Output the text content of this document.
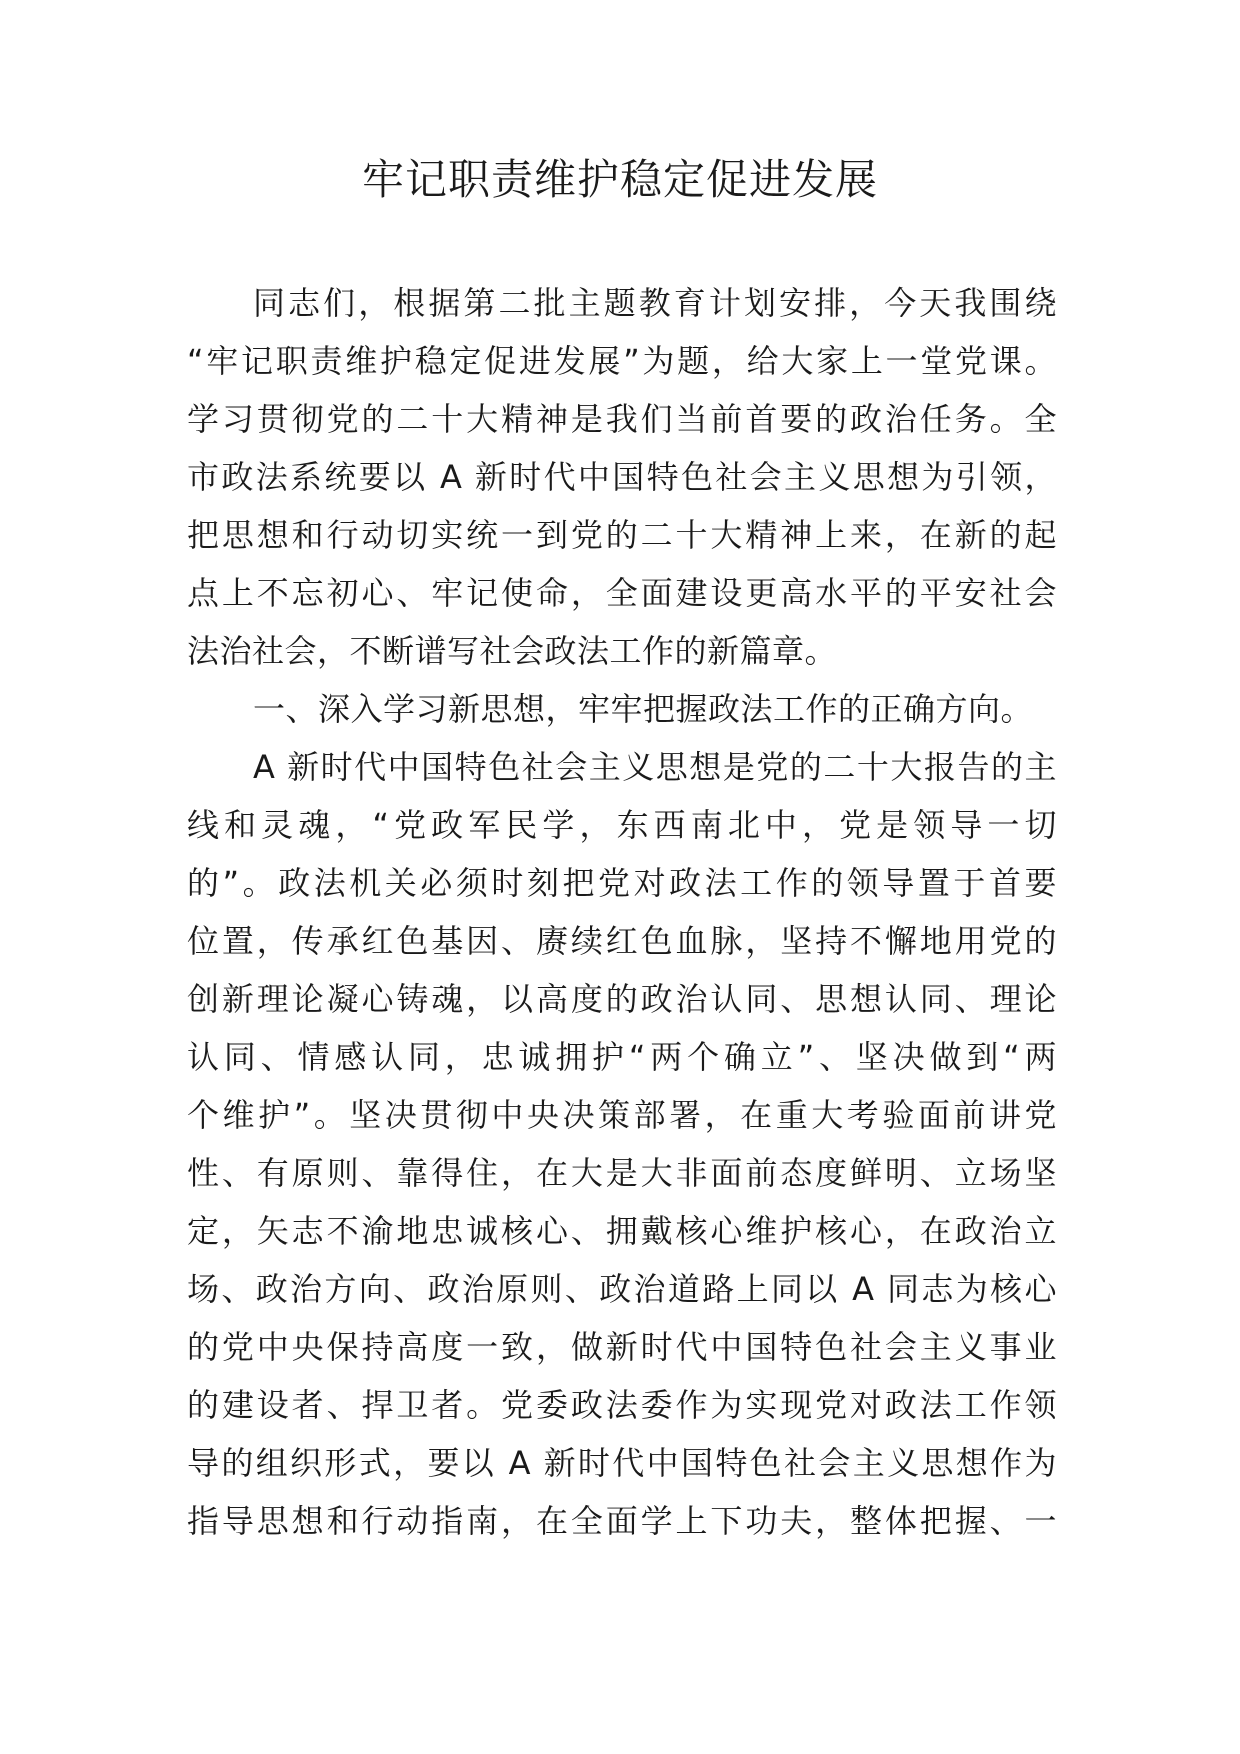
牢记职责维护稳定促进发展
同志们，根据第二批主题教育计划安排，今天我围绕
“牢记职责维护稳定促进发展”为题，给大家上一堂党课。
学习贯彻党的二十大精神是我们当前首要的政治任务。全
市政法系统要以 A 新时代中国特色社会主义思想为引领，
把思想和行动切实统一到党的二十大精神上来，在新的起
点上不忘初心、牢记使命，全面建设更高水平的平安社会
法治社会，不断谱写社会政法工作的新篇章。
一、深入学习新思想，牢牢把握政法工作的正确方向。
A 新时代中国特色社会主义思想是党的二十大报告的主
线和灵魂，“党政军民学，东西南北中，党是领导一切
的”。政法机关必须时刻把党对政法工作的领导置于首要
位置，传承红色基因、赓续红色血脉，坚持不懈地用党的
创新理论凝心铸魂，以高度的政治认同、思想认同、理论
认同、情感认同，忠诚拥护“两个确立”、坚决做到“两
个维护”。坚决贯彻中央决策部署，在重大考验面前讲党
性、有原则、靠得住，在大是大非面前态度鲜明、立场坚
定，矢志不渝地忠诚核心、拥戴核心维护核心，在政治立
场、政治方向、政治原则、政治道路上同以 A 同志为核心
的党中央保持高度一致，做新时代中国特色社会主义事业
的建设者、捍卫者。党委政法委作为实现党对政法工作领
导的组织形式，要以 A 新时代中国特色社会主义思想作为
指导思想和行动指南，在全面学上下功夫，整体把握、一
